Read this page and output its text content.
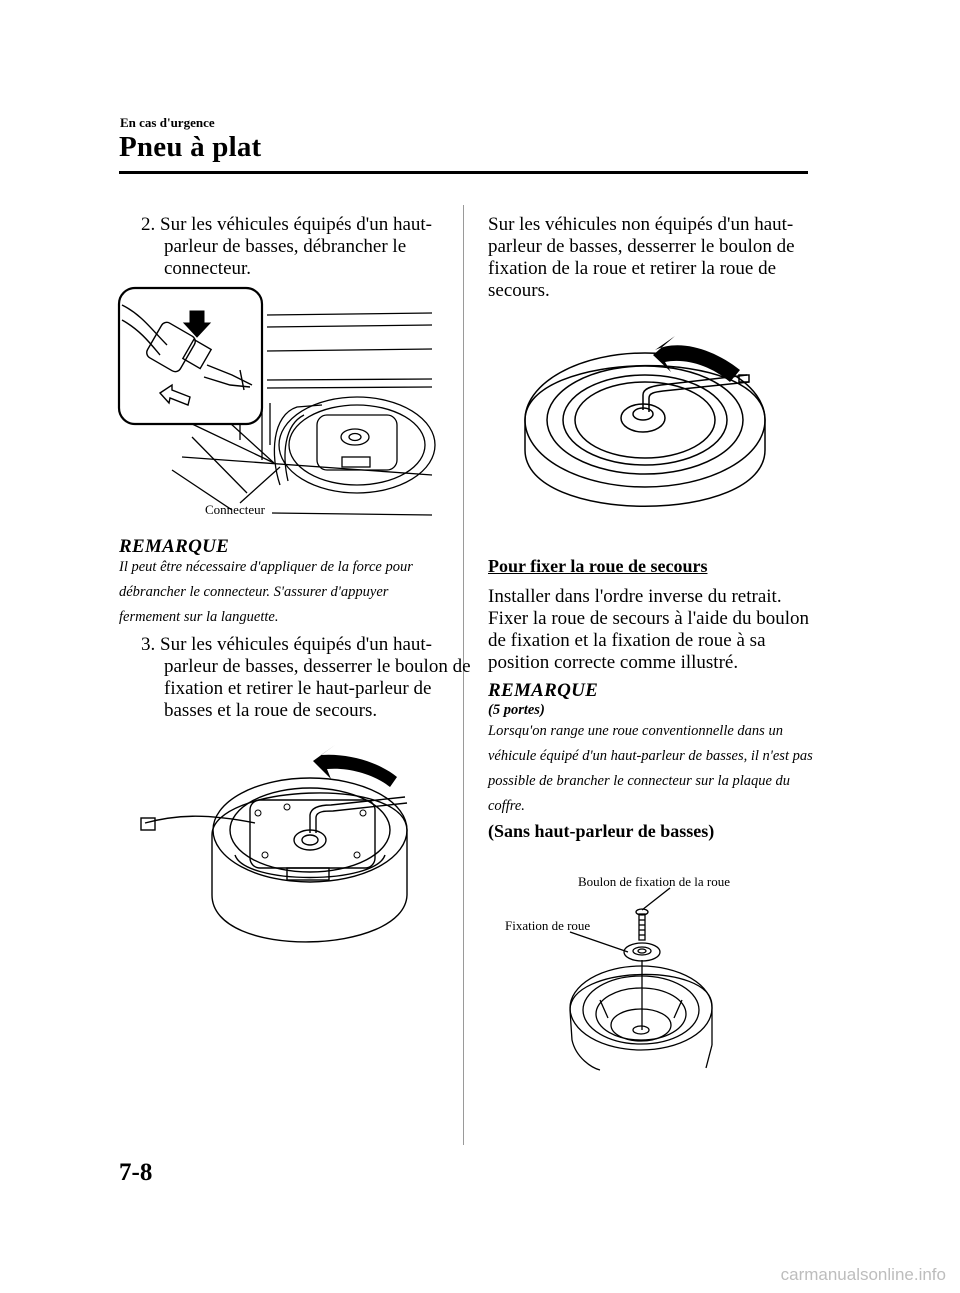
En cas d'urgence
Pneu à plat
2. Sur les véhicules équipés d'un haut-parleur de basses, débrancher le connecteur.
Connecteur
REMARQUE
Il peut être nécessaire d'appliquer de la force pour débrancher le connecteur. S'assurer d'appuyer fermement sur la languette.
3. Sur les véhicules équipés d'un haut-parleur de basses, desserrer le boulon de fixation et retirer le haut-parleur de basses et la roue de secours.
Sur les véhicules non équipés d'un haut-parleur de basses, desserrer le boulon de fixation de la roue et retirer la roue de secours.
Pour fixer la roue de secours
Installer dans l'ordre inverse du retrait. Fixer la roue de secours à l'aide du boulon de fixation et la fixation de roue à sa position correcte comme illustré.
REMARQUE
(5 portes)
Lorsqu'on range une roue conventionnelle dans un véhicule équipé d'un haut-parleur de basses, il n'est pas possible de brancher le connecteur sur la plaque du coffre.
(Sans haut-parleur de basses)
Boulon de fixation de la roue
Fixation de roue
7-8
carmanualsonline.info
